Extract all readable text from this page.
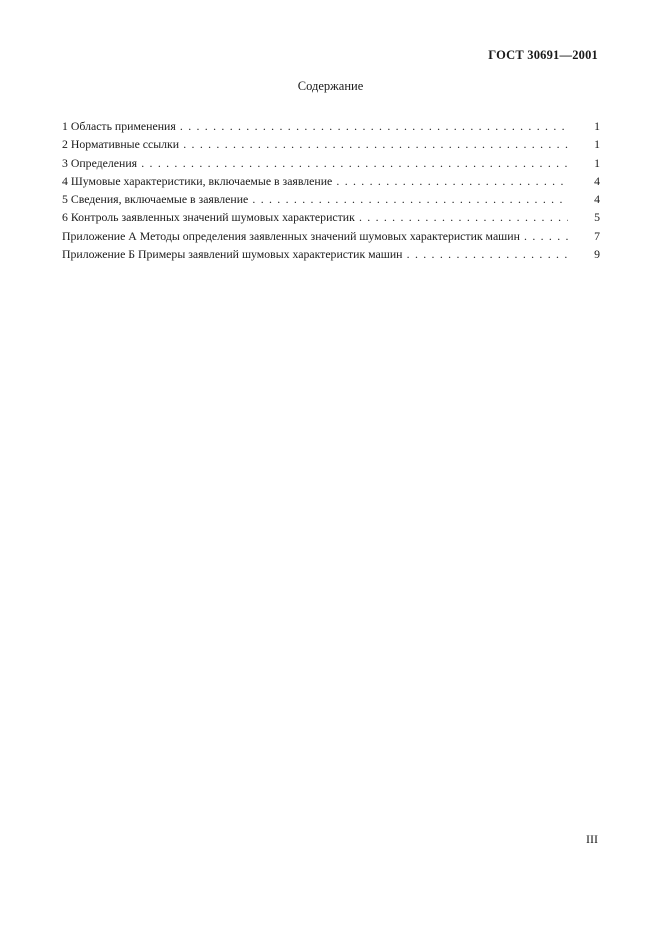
ГОСТ 30691—2001
Содержание
1 Область применения . . .	1
2 Нормативные ссылки . . .	1
3 Определения . . .	1
4 Шумовые характеристики, включаемые в заявление . . .	4
5 Сведения, включаемые в заявление . . .	4
6 Контроль заявленных значений шумовых характеристик . . .	5
Приложение А Методы определения заявленных значений шумовых характеристик машин . . .	7
Приложение Б Примеры заявлений шумовых характеристик машин . . .	9
III
